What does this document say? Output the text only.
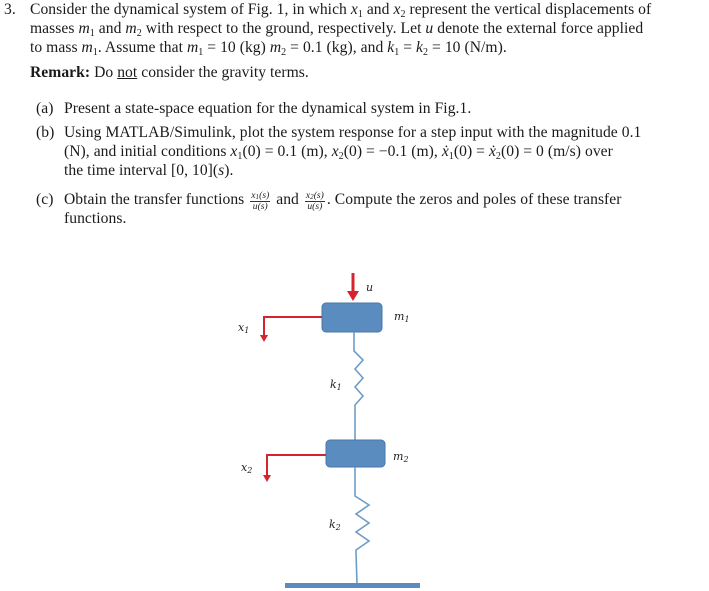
3. Consider the dynamical system of Fig. 1, in which $x_1$ and $x_2$ represent the vertical displacements of
masses $m_1$ and $m_2$ with respect to the ground, respectively. Let u denote the external force applied
to mass $m_1$. Assume that $m_1 = 10$ (kg) $m_2 = 0.1$ (kg), and $k_1 = k_2 = 10$ (N/m).
Remark: Do not consider the gravity terms.
(a) Present a state-space equation for the dynamical system in Fig.1.
(b) Using MATLAB/Simulink, plot the system response for a step input with the magnitude 0.1
(N), and initial conditions $x_1(0) = 0.1$ (m), $x_2(0) = -0.1$ (m), ẋ$_1$(0) = ẋ$_2$(0) = 0 (m/s) over
the time interval [0, 10](s).
(c) Obtain the transfer functions $\frac{x_1(s)}{u(s)}$ and $\frac{x_2(s)}{u(s)}$ . Compute the zeros and poles of these transfer
functions.
u
$m_1$
$x_1$
$k_1$
$m_2$
$x_2$
$k_2$
